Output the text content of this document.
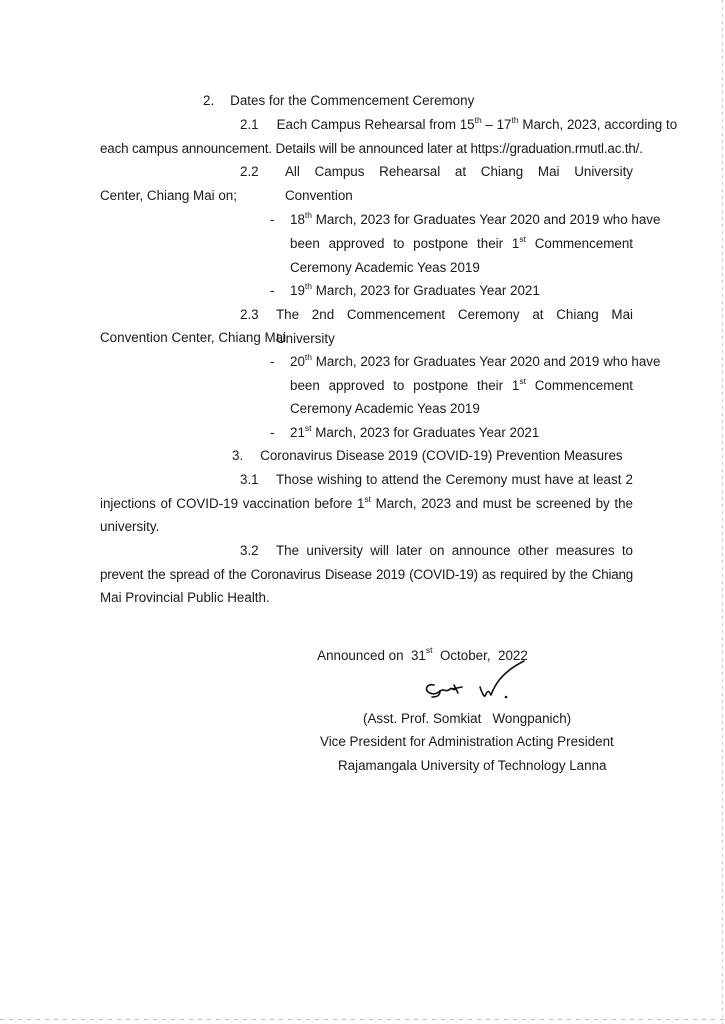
2. Dates for the Commencement Ceremony
2.1 Each Campus Rehearsal from 15th – 17th March, 2023, according to
each campus announcement. Details will be announced later at https://graduation.rmutl.ac.th/.
2.2 All Campus Rehearsal at Chiang Mai University Convention
Center, Chiang Mai on;
- 18th March, 2023 for Graduates Year 2020 and 2019 who have
been approved to postpone their 1st Commencement
Ceremony Academic Yeas 2019
- 19th March, 2023 for Graduates Year 2021
2.3 The 2nd Commencement Ceremony at Chiang Mai University
Convention Center, Chiang Mai
- 20th March, 2023 for Graduates Year 2020 and 2019 who have
been approved to postpone their 1st Commencement
Ceremony Academic Yeas 2019
- 21st March, 2023 for Graduates Year 2021
3. Coronavirus Disease 2019 (COVID-19) Prevention Measures
3.1 Those wishing to attend the Ceremony must have at least 2
injections of COVID-19 vaccination before 1st March, 2023 and must be screened by the
university.
3.2 The university will later on announce other measures to
prevent the spread of the Coronavirus Disease 2019 (COVID-19) as required by the Chiang
Mai Provincial Public Health.

Announced on  31st  October,  2022

(Asst. Prof. Somkiat   Wongpanich)
Vice President for Administration Acting President
Rajamangala University of Technology Lanna
